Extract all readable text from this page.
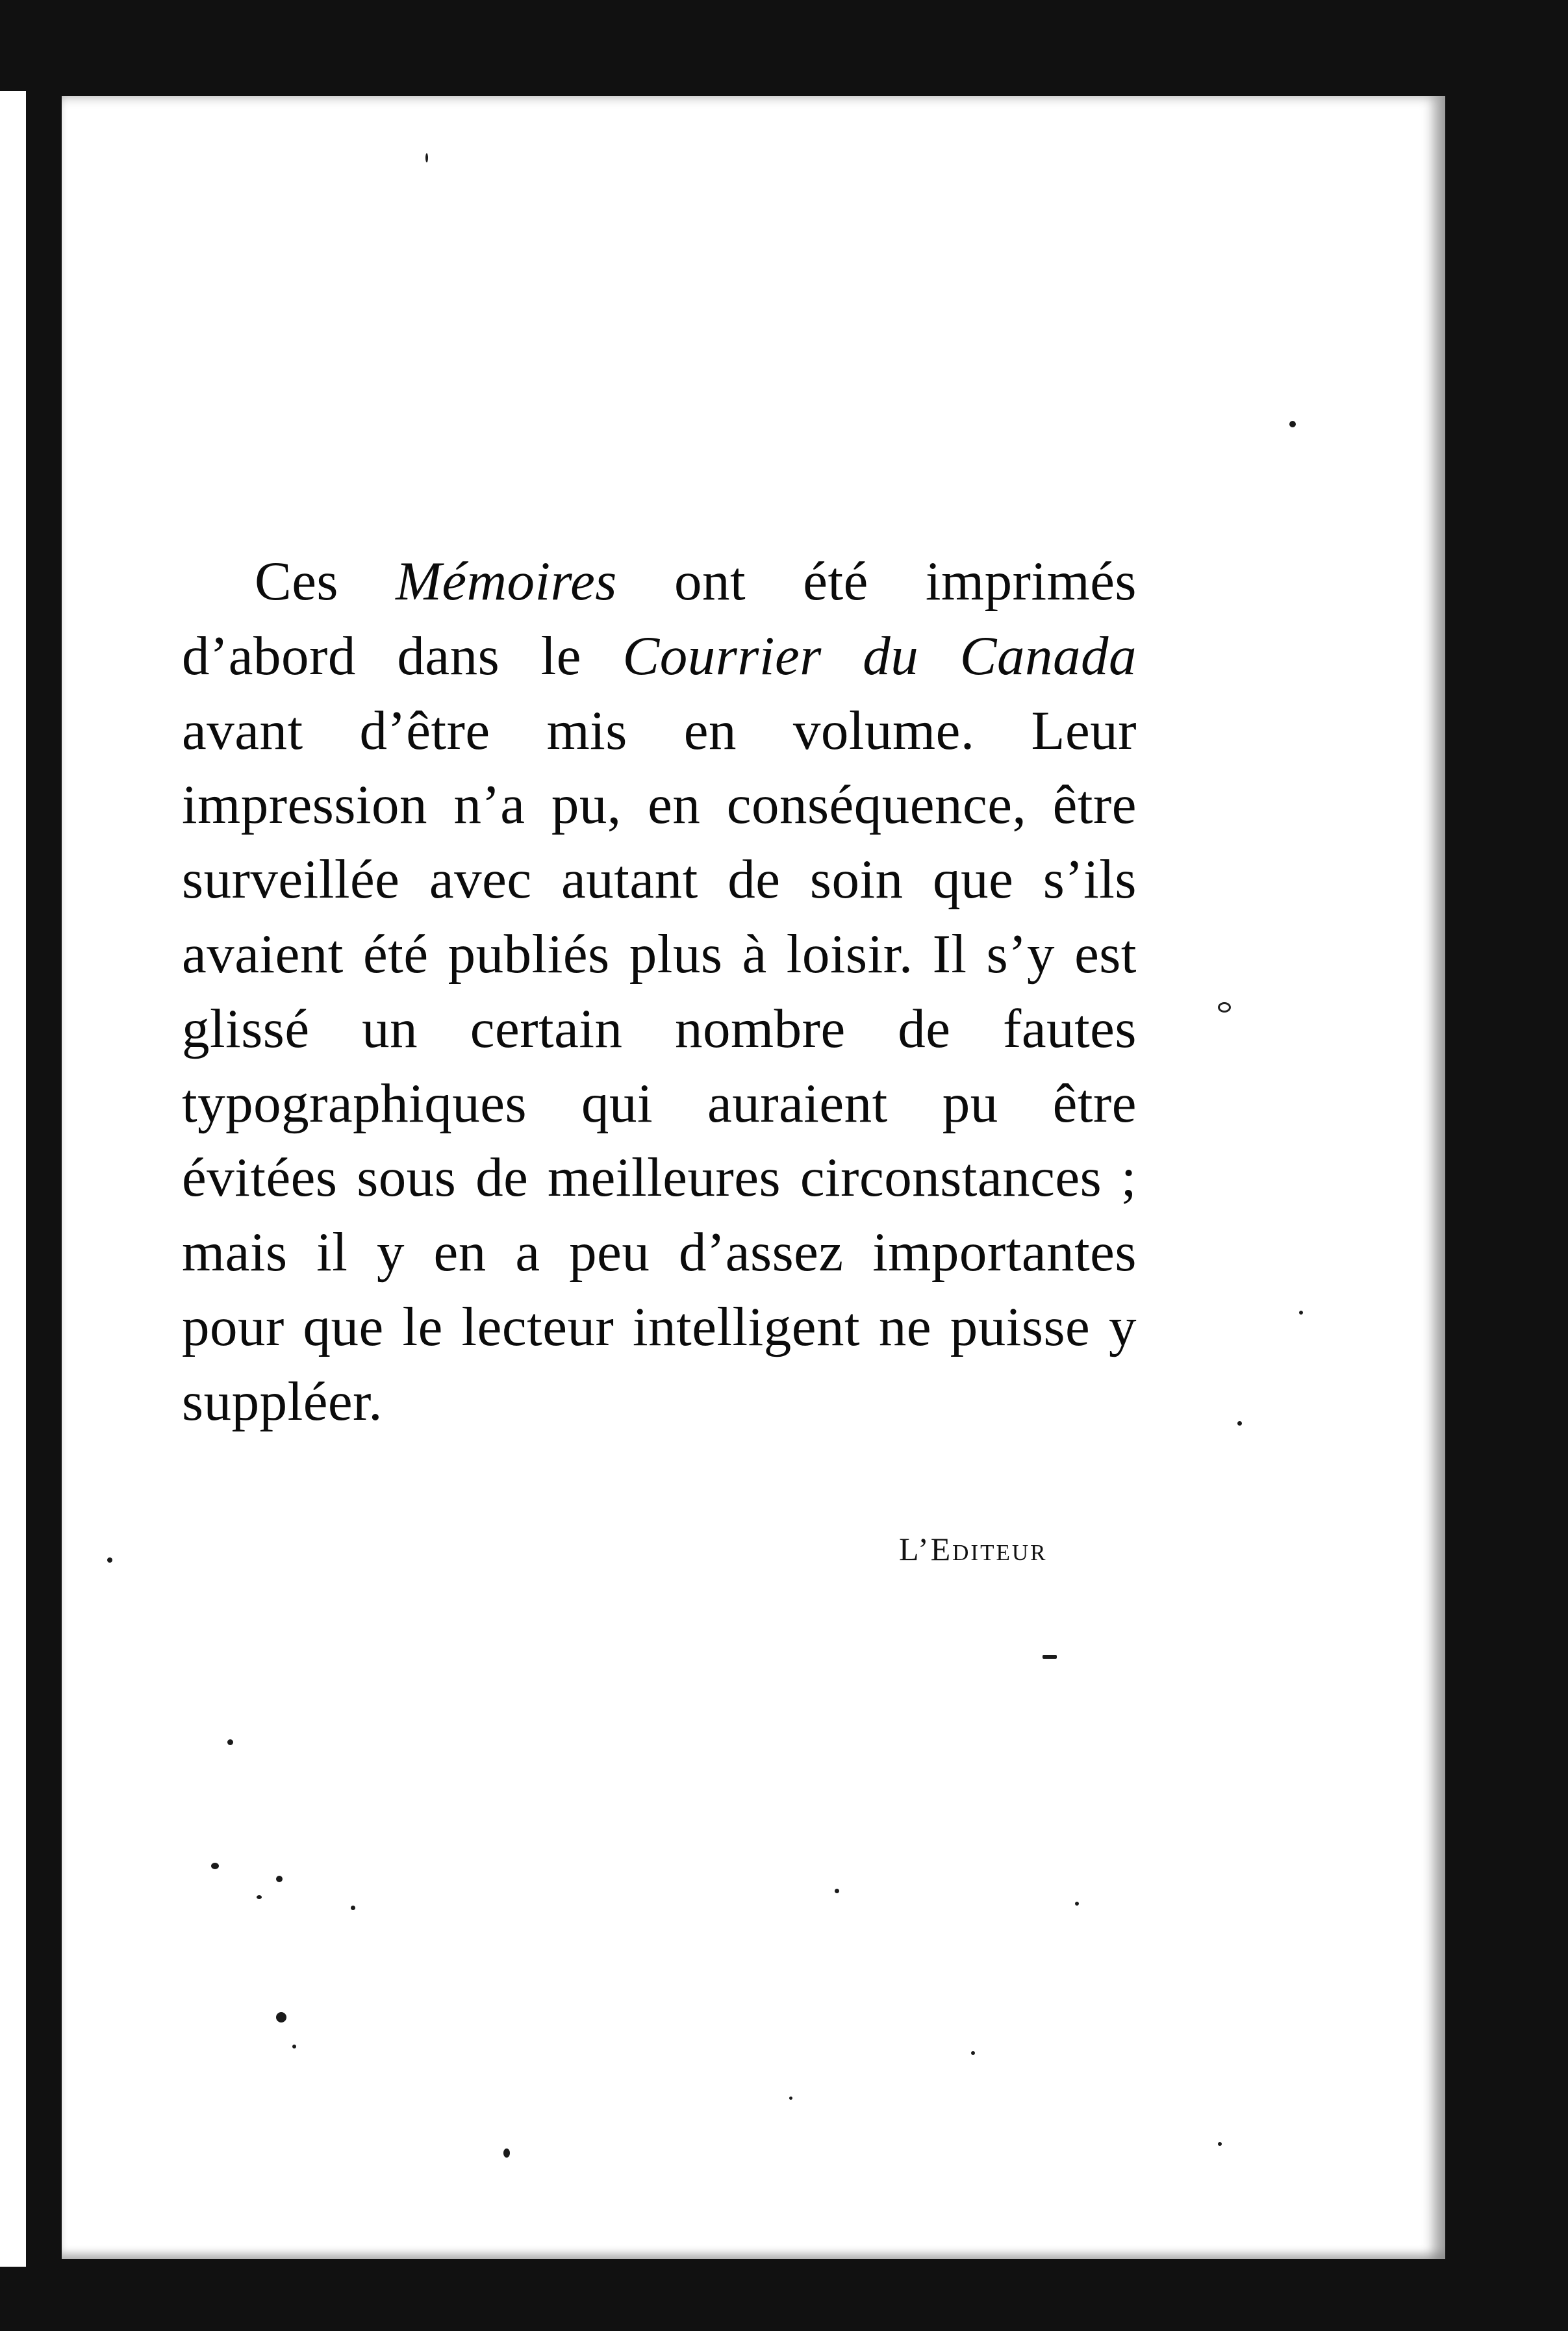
Ces Mémoires ont été imprimés d’abord dans le Courrier du Canada avant d’être mis en volume. Leur impression n’a pu, en conséquence, être surveillée avec autant de soin que s’ils avaient été publiés plus à loisir. Il s’y est glissé un certain nombre de fautes typographiques qui auraient pu être évitées sous de meilleures circonstances ; mais il y en a peu d’assez importantes pour que le lecteur intelligent ne puisse y suppléer.

L’Editeur
